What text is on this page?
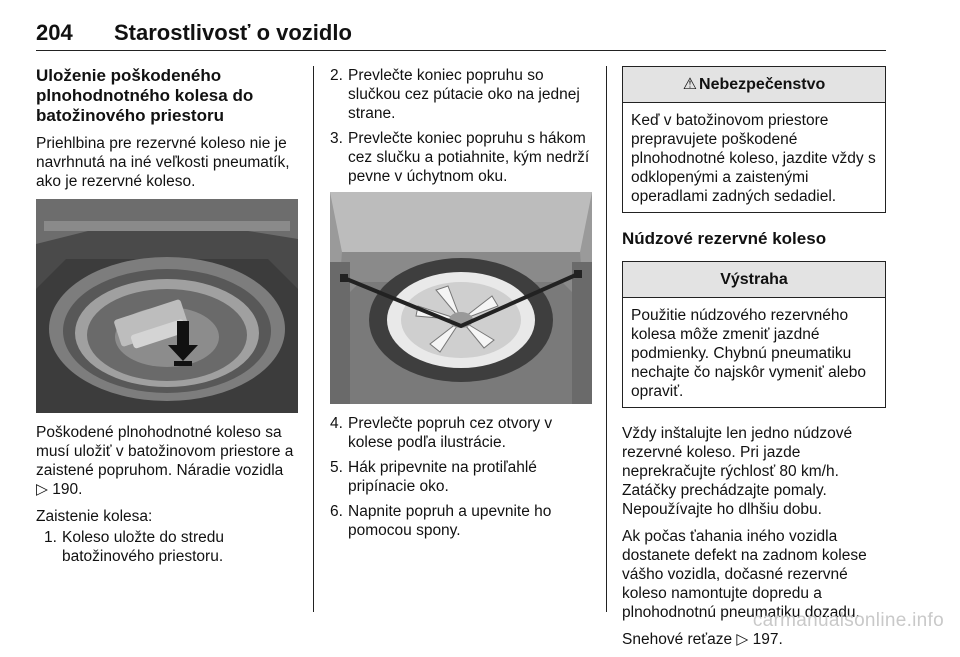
204 Starostlivosť o vozidlo
Uloženie poškodeného plnohodnotného kolesa do batožinového priestoru

Priehlbina pre rezervné koleso nie je navrhnutá na iné veľkosti pneumatík, ako je rezervné koleso.

Poškodené plnohodnotné koleso sa musí uložiť v batožinovom priestore a zaistené popruhom. Náradie vozidla
▷ 190.

Zaistenie kolesa:

1. Koleso uložte do stredu batožinového priestoru.
2. Prevlečte koniec popruhu so slučkou cez pútacie oko na jednej strane.
3. Prevlečte koniec popruhu s hákom cez slučku a potiahnite, kým nedrží pevne v úchytnom oku.
4. Prevlečte popruh cez otvory v kolese podľa ilustrácie.
5. Hák pripevnite na protiľahlé pripínacie oko.
6. Napnite popruh a upevnite ho pomocou spony.
⚠ Nebezpečenstvo
Keď v batožinovom priestore prepravujete poškodené plnohodnotné koleso, jazdite vždy s odklopenými a zaistenými operadlami zadných sedadiel.
Núdzové rezervné koleso
Výstraha
Použitie núdzového rezervného kolesa môže zmeniť jazdné podmienky. Chybnú pneumatiku nechajte čo najskôr vymeniť alebo opraviť.

Vždy inštalujte len jedno núdzové rezervné koleso. Pri jazde neprekračujte rýchlosť 80 km/h. Zatáčky prechádzajte pomaly. Nepoužívajte ho dlhšiu dobu.

Ak počas ťahania iného vozidla dostanete defekt na zadnom kolese vášho vozidla, dočasné rezervné koleso namontujte dopredu a plnohodnotnú pneumatiku dozadu.

Snehové reťaze ▷ 197.

carmanualsonline.info
